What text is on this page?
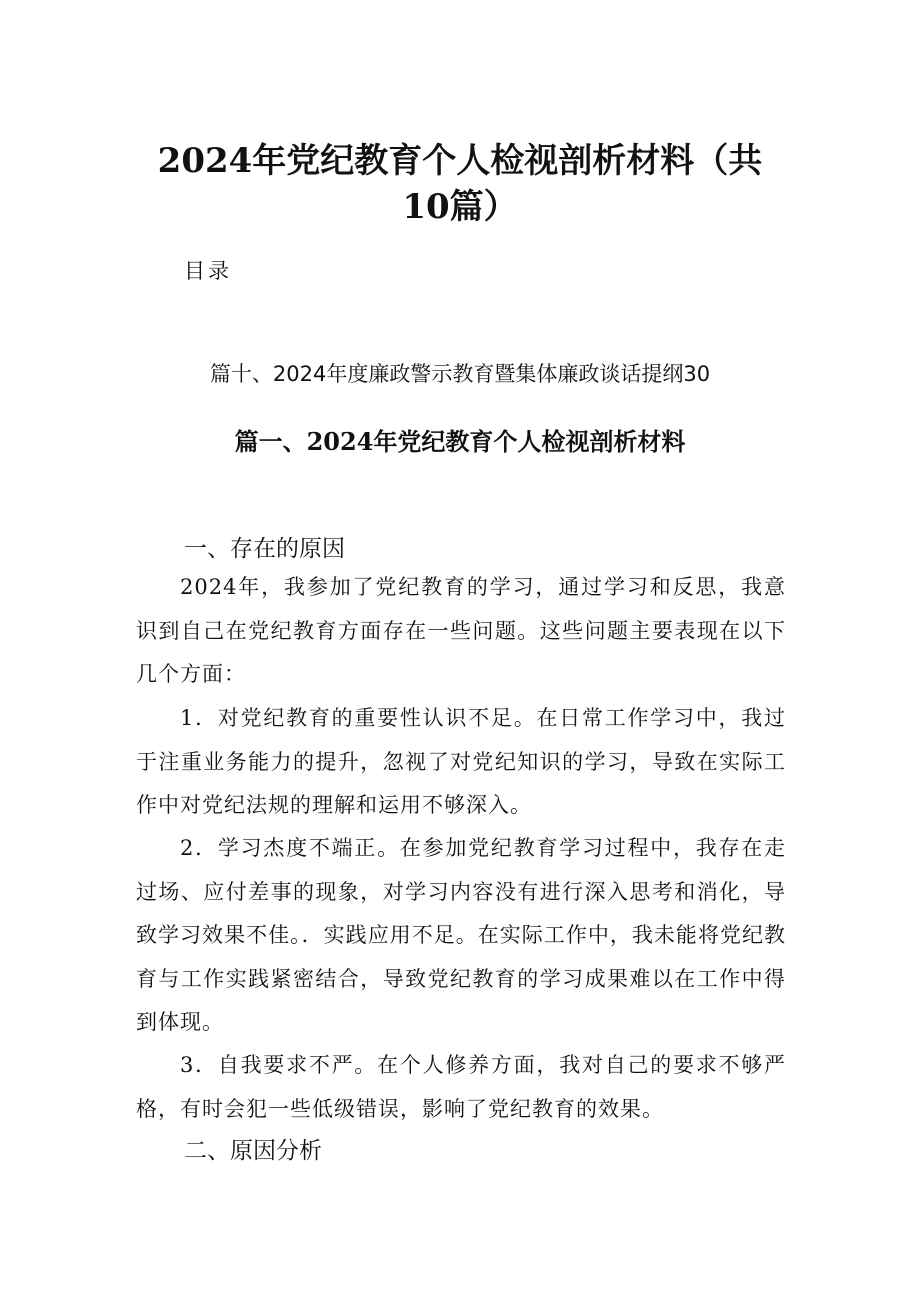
2024年党纪教育个人检视剖析材料（共10篇）
目录
篇十、2024年度廉政警示教育暨集体廉政谈话提纲30
篇一、2024年党纪教育个人检视剖析材料
一、存在的原因

2024年，我参加了党纪教育的学习，通过学习和反思，我意识到自己在党纪教育方面存在一些问题。这些问题主要表现在以下几个方面：

1．对党纪教育的重要性认识不足。在日常工作学习中，我过于注重业务能力的提升，忽视了对党纪知识的学习，导致在实际工作中对党纪法规的理解和运用不够深入。

2．学习杰度不端正。在参加党纪教育学习过程中，我存在走过场、应付差事的现象，对学习内容没有进行深入思考和消化，导致学习效果不佳。．实践应用不足。在实际工作中，我未能将党纪教育与工作实践紧密结合，导致党纪教育的学习成果难以在工作中得到体现。

3．自我要求不严。在个人修养方面，我对自己的要求不够严格，有时会犯一些低级错误，影响了党纪教育的效果。

二、原因分析
